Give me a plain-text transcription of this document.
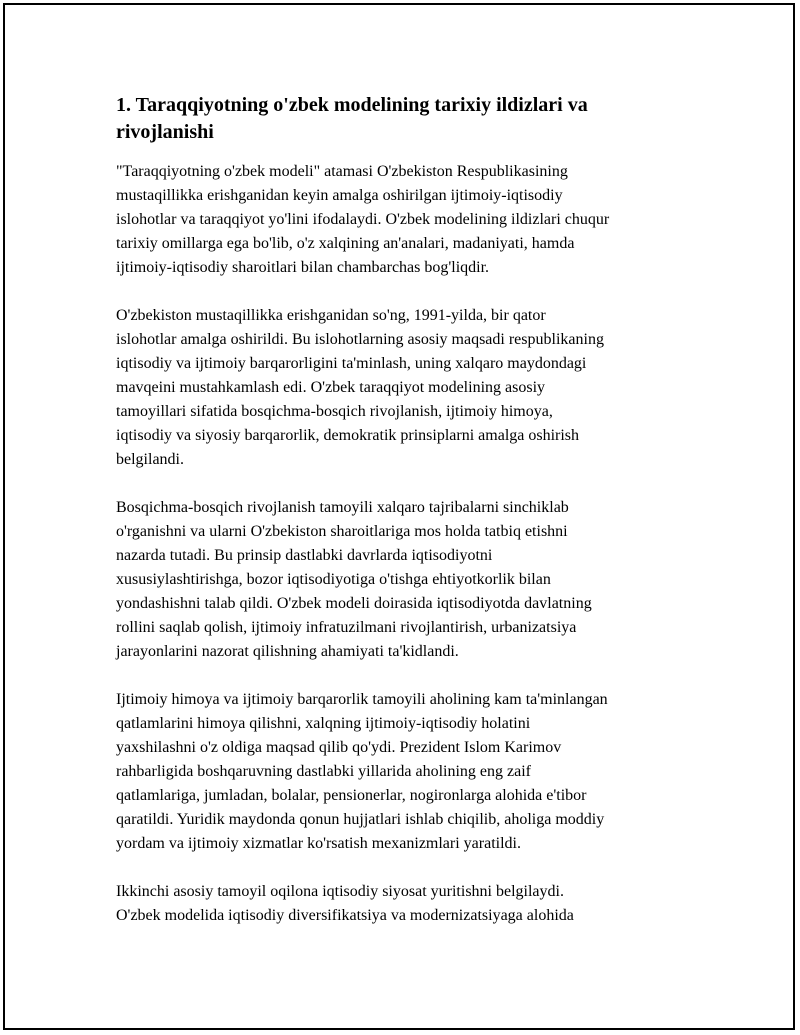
1. Taraqqiyotning o'zbek modelining tarixiy ildizlari va
rivojlanishi

"Taraqqiyotning o'zbek modeli" atamasi O'zbekiston Respublikasining
mustaqillikka erishganidan keyin amalga oshirilgan ijtimoiy-iqtisodiy
islohotlar va taraqqiyot yo'lini ifodalaydi. O'zbek modelining ildizlari chuqur
tarixiy omillarga ega bo'lib, o'z xalqining an'analari, madaniyati, hamda
ijtimoiy-iqtisodiy sharoitlari bilan chambarchas bog'liqdir.

O'zbekiston mustaqillikka erishganidan so'ng, 1991-yilda, bir qator
islohotlar amalga oshirildi. Bu islohotlarning asosiy maqsadi respublikaning
iqtisodiy va ijtimoiy barqarorligini ta'minlash, uning xalqaro maydondagi
mavqeini mustahkamlash edi. O'zbek taraqqiyot modelining asosiy
tamoyillari sifatida bosqichma-bosqich rivojlanish, ijtimoiy himoya,
iqtisodiy va siyosiy barqarorlik, demokratik prinsiplarni amalga oshirish
belgilandi.

Bosqichma-bosqich rivojlanish tamoyili xalqaro tajribalarni sinchiklab
o'rganishni va ularni O'zbekiston sharoitlariga mos holda tatbiq etishni
nazarda tutadi. Bu prinsip dastlabki davrlarda iqtisodiyotni
xususiylashtirishga, bozor iqtisodiyotiga o'tishga ehtiyotkorlik bilan
yondashishni talab qildi. O'zbek modeli doirasida iqtisodiyotda davlatning
rollini saqlab qolish, ijtimoiy infratuzilmani rivojlantirish, urbanizatsiya
jarayonlarini nazorat qilishning ahamiyati ta'kidlandi.

Ijtimoiy himoya va ijtimoiy barqarorlik tamoyili aholining kam ta'minlangan
qatlamlarini himoya qilishni, xalqning ijtimoiy-iqtisodiy holatini
yaxshilashni o'z oldiga maqsad qilib qo'ydi. Prezident Islom Karimov
rahbarligida boshqaruvning dastlabki yillarida aholining eng zaif
qatlamlariga, jumladan, bolalar, pensionerlar, nogironlarga alohida e'tibor
qaratildi. Yuridik maydonda qonun hujjatlari ishlab chiqilib, aholiga moddiy
yordam va ijtimoiy xizmatlar ko'rsatish mexanizmlari yaratildi.

Ikkinchi asosiy tamoyil oqilona iqtisodiy siyosat yuritishni belgilaydi.
O'zbek modelida iqtisodiy diversifikatsiya va modernizatsiyaga alohida
